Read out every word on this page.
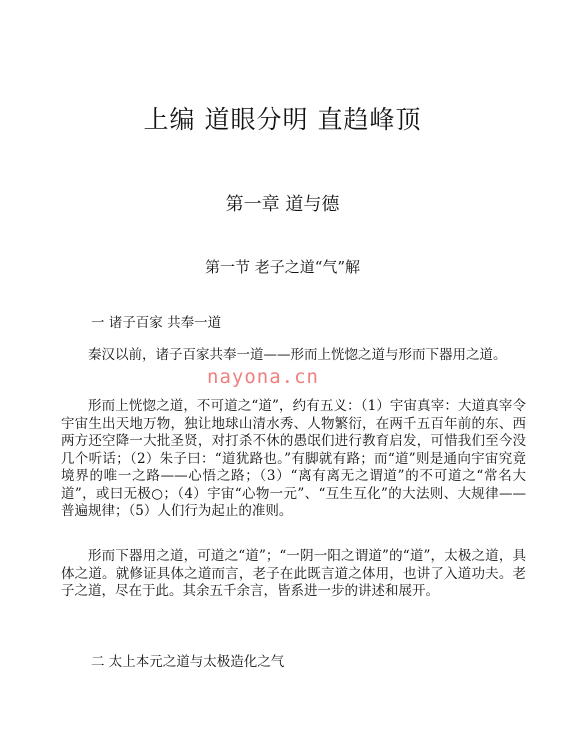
上编 道眼分明 直趋峰顶
第一章 道与德
第一节 老子之道“气”解
一 诸子百家 共奉一道

秦汉以前，诸子百家共奉一道——形而上恍惚之道与形而下器用之道。

nayona.cn

形而上恍惚之道，不可道之“道”，约有五义：（1）宇宙真宰：大道真宰令宇宙生出天地万物，独让地球山清水秀、人物繁衍，在两千五百年前的东、西两方还空降一大批圣贤，对打杀不休的愚氓们进行教育启发，可惜我们至今没几个听话；（2）朱子曰：“道犹路也。”有脚就有路；而“道”则是通向宇宙究竟境界的唯一之路——心悟之路；（3）“离有离无之谓道”的不可道之“常名大道”，或曰无极○；（4）宇宙“心物一元”、“互生互化”的大法则、大规律——普遍规律；（5）人们行为起止的准则。

形而下器用之道，可道之“道”；“一阴一阳之谓道”的“道”，太极之道，具体之道。就修证具体之道而言，老子在此既言道之体用，也讲了入道功夫。老子之道，尽在于此。其余五千余言，皆系进一步的讲述和展开。

二 太上本元之道与太极造化之气
